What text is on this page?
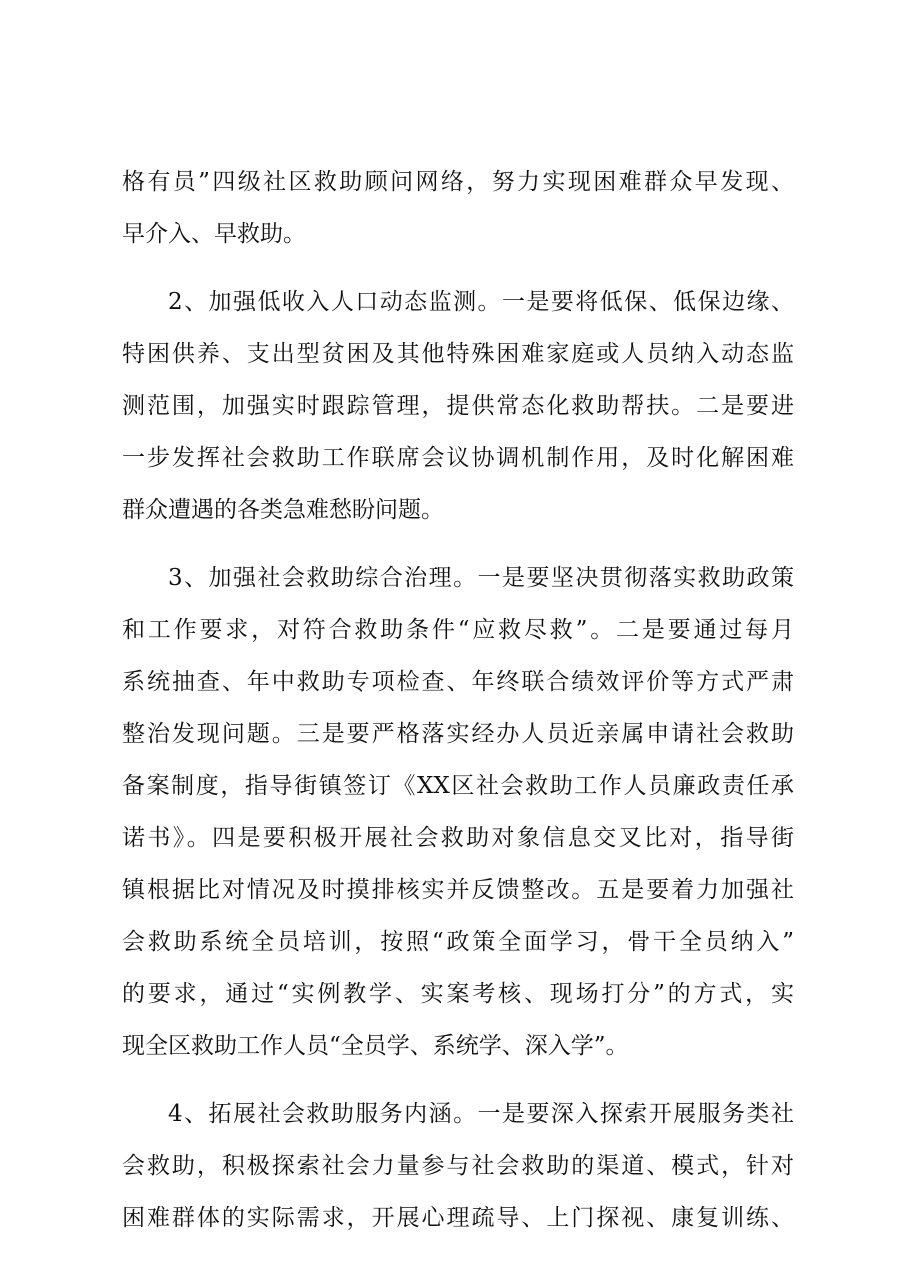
格有员”四级社区救助顾问网络，努力实现困难群众早发现、
早介入、早救助。
2、加强低收入人口动态监测。一是要将低保、低保边缘、
特困供养、支出型贫困及其他特殊困难家庭或人员纳入动态监
测范围，加强实时跟踪管理，提供常态化救助帮扶。二是要进
一步发挥社会救助工作联席会议协调机制作用，及时化解困难
群众遭遇的各类急难愁盼问题。
3、加强社会救助综合治理。一是要坚决贯彻落实救助政策
和工作要求，对符合救助条件“应救尽救”。二是要通过每月
系统抽查、年中救助专项检查、年终联合绩效评价等方式严肃
整治发现问题。三是要严格落实经办人员近亲属申请社会救助
备案制度，指导街镇签订《XX区社会救助工作人员廉政责任承
诺书》。四是要积极开展社会救助对象信息交叉比对，指导街
镇根据比对情况及时摸排核实并反馈整改。五是要着力加强社
会救助系统全员培训，按照“政策全面学习，骨干全员纳入”
的要求，通过“实例教学、实案考核、现场打分”的方式，实
现全区救助工作人员“全员学、系统学、深入学”。
4、拓展社会救助服务内涵。一是要深入探索开展服务类社
会救助，积极探索社会力量参与社会救助的渠道、模式，针对
困难群体的实际需求，开展心理疏导、上门探视、康复训练、
